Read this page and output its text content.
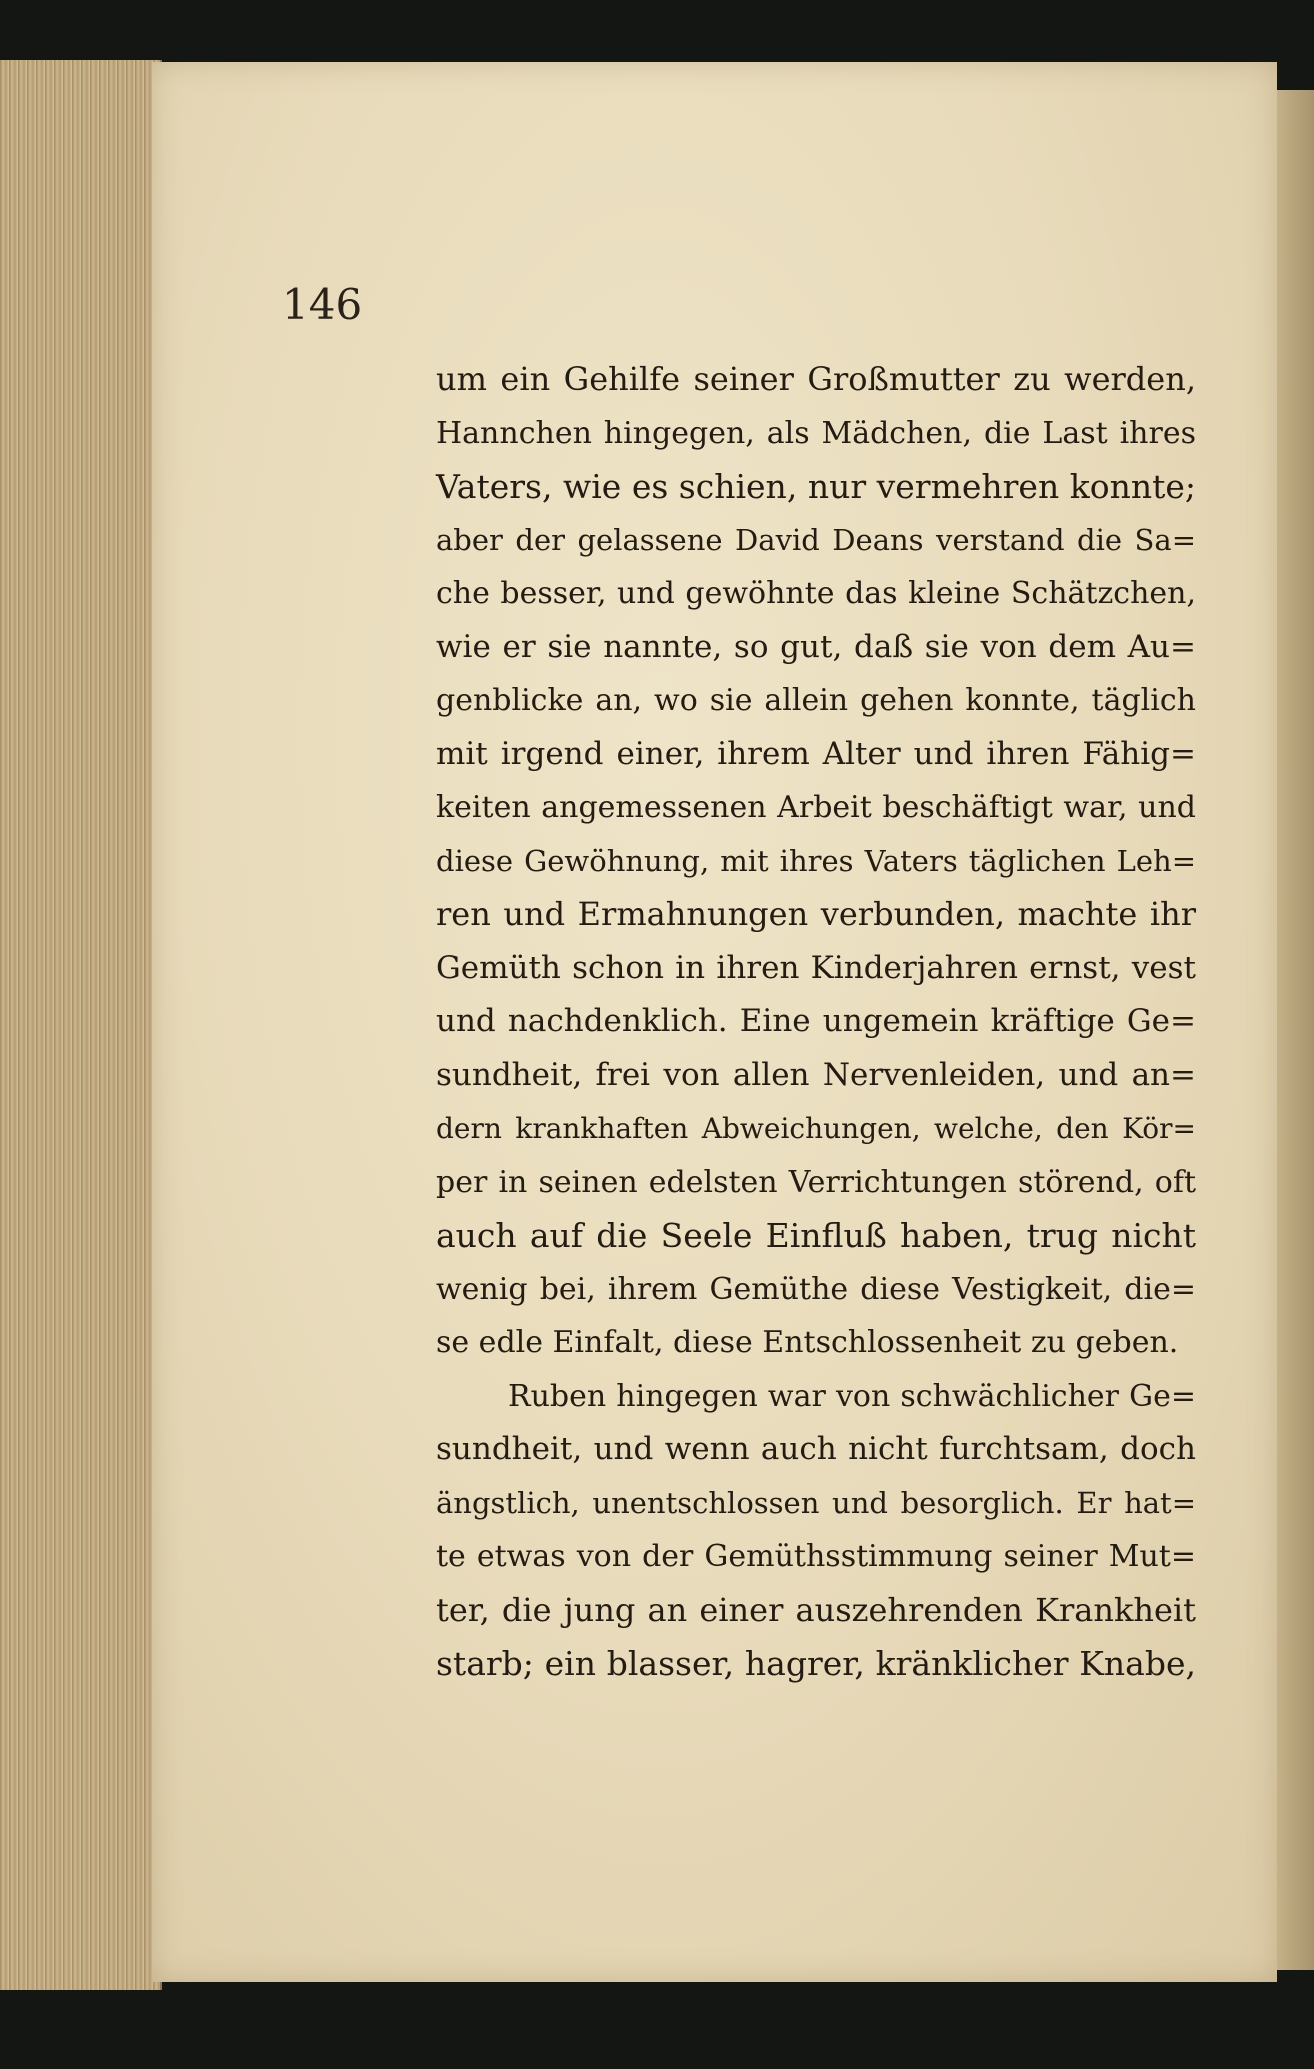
146
um ein Gehilfe seiner Großmutter zu werden,
Hannchen hingegen, als Mädchen, die Last ihres
Vaters, wie es schien, nur vermehren konnte;
aber der gelassene David Deans verstand die Sa=
che besser, und gewöhnte das kleine Schätzchen,
wie er sie nannte, so gut, daß sie von dem Au=
genblicke an, wo sie allein gehen konnte, täglich
mit irgend einer, ihrem Alter und ihren Fähig=
keiten angemessenen Arbeit beschäftigt war, und
diese Gewöhnung, mit ihres Vaters täglichen Leh=
ren und Ermahnungen verbunden, machte ihr
Gemüth schon in ihren Kinderjahren ernst, vest
und nachdenklich. Eine ungemein kräftige Ge=
sundheit, frei von allen Nervenleiden, und an=
dern krankhaften Abweichungen, welche, den Kör=
per in seinen edelsten Verrichtungen störend, oft
auch auf die Seele Einfluß haben, trug nicht
wenig bei, ihrem Gemüthe diese Vestigkeit, die=
se edle Einfalt, diese Entschlossenheit zu geben.
Ruben hingegen war von schwächlicher Ge=
sundheit, und wenn auch nicht furchtsam, doch
ängstlich, unentschlossen und besorglich. Er hat=
te etwas von der Gemüthsstimmung seiner Mut=
ter, die jung an einer auszehrenden Krankheit
starb; ein blasser, hagrer, kränklicher Knabe,
